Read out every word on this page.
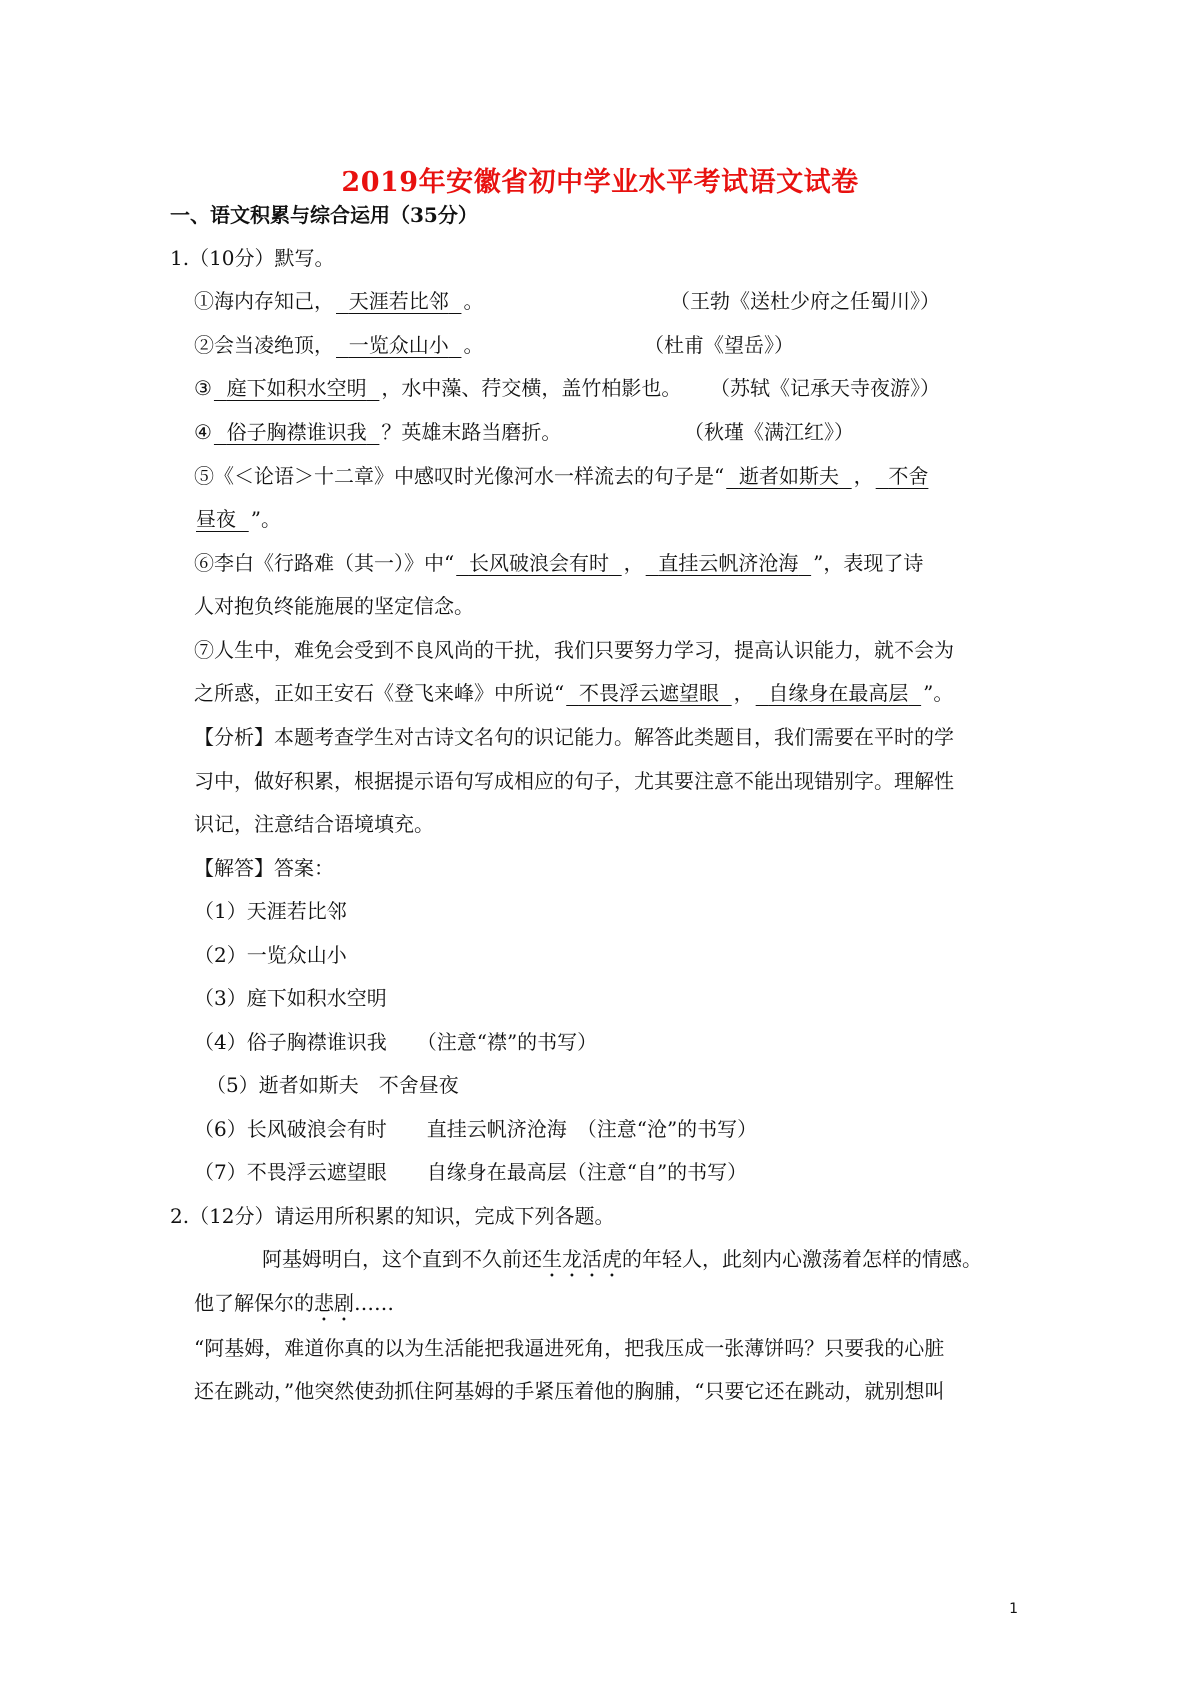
2019年安徽省初中学业水平考试语文试卷
一、语文积累与综合运用（35分）
1.（10分）默写。
①海内存知己， 天涯若比邻 。	（王勃《送杜少府之任蜀川》）
②会当凌绝顶， 一览众山小 。	（杜甫《望岳》）
③ 庭下如积水空明 ，水中藻、荇交横，盖竹柏影也。 （苏轼《记承天寺夜游》）
④ 俗子胸襟谁识我 ？英雄末路当磨折。	（秋瑾《满江红》）
⑤《＜论语＞十二章》中感叹时光像河水一样流去的句子是“ 逝者如斯夫 ， 不舍
昼夜 ”。
⑥李白《行路难（其一）》中“ 长风破浪会有时 ， 直挂云帆济沧海 ”，表现了诗
人对抱负终能施展的坚定信念。
⑦人生中，难免会受到不良风尚的干扰，我们只要努力学习，提高认识能力，就不会为
之所惑，正如王安石《登飞来峰》中所说“ 不畏浮云遮望眼 ， 自缘身在最高层 ”。
【分析】本题考查学生对古诗文名句的识记能力。解答此类题目，我们需要在平时的学
习中，做好积累，根据提示语句写成相应的句子，尤其要注意不能出现错别字。理解性
识记，注意结合语境填充。
【解答】答案：
（1）天涯若比邻
（2）一览众山小
（3）庭下如积水空明
（4）俗子胸襟谁识我　　（注意“襟”的书写）
（5）逝者如斯夫　不舍昼夜
（6）长风破浪会有时　　直挂云帆济沧海　（注意“沧”的书写）
（7）不畏浮云遮望眼　　自缘身在最高层（注意“自”的书写）
2.（12分）请运用所积累的知识，完成下列各题。
阿基姆明白，这个直到不久前还生龙活虎的年轻人，此刻内心激荡着怎样的情感。
他了解保尔的悲剧……
“阿基姆，难道你真的以为生活能把我逼进死角，把我压成一张薄饼吗？只要我的心脏
还在跳动，”他突然使劲抓住阿基姆的手紧压着他的胸脯，“只要它还在跳动，就别想叫
1
